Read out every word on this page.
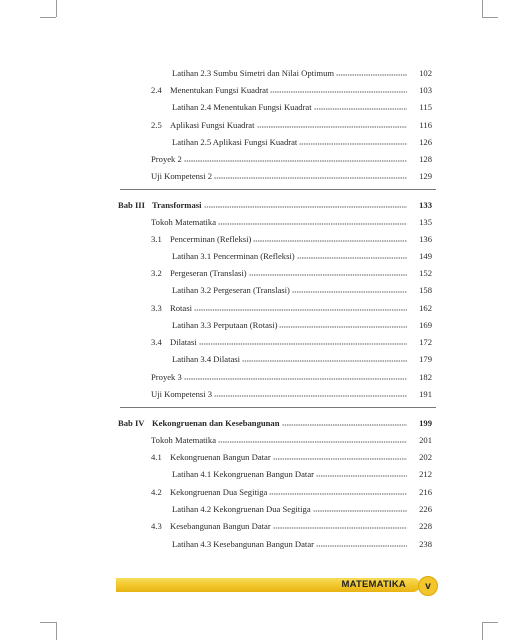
Latihan 2.3 Sumbu Simetri dan Nilai Optimum	102
2.4 Menentukan Fungsi Kuadrat	103
Latihan 2.4 Menentukan Fungsi Kuadrat	115
2.5 Aplikasi Fungsi Kuadrat	116
Latihan 2.5 Aplikasi Fungsi Kuadrat	126
Proyek 2	128
Uji Kompetensi 2	129
Bab III Transformasi	133
Tokoh Matematika	135
3.1 Pencerminan (Refleksi)	136
Latihan 3.1 Pencerminan (Refleksi)	149
3.2 Pergeseran (Translasi)	152
Latihan 3.2 Pergeseran (Translasi)	158
3.3 Rotasi	162
Latihan 3.3 Perputaan (Rotasi)	169
3.4 Dilatasi	172
Latihan 3.4 Dilatasi	179
Proyek 3	182
Uji Kompetensi 3	191
Bab IV Kekongruenan dan Kesebangunan	199
Tokoh Matematika	201
4.1 Kekongruenan Bangun Datar	202
Latihan 4.1 Kekongruenan Bangun Datar	212
4.2 Kekongruenan Dua Segitiga	216
Latihan 4.2 Kekongruenan Dua Segitiga	226
4.3 Kesebangunan Bangun Datar	228
Latihan 4.3 Kesebangunan Bangun Datar	238
MATEMATIKA	v
